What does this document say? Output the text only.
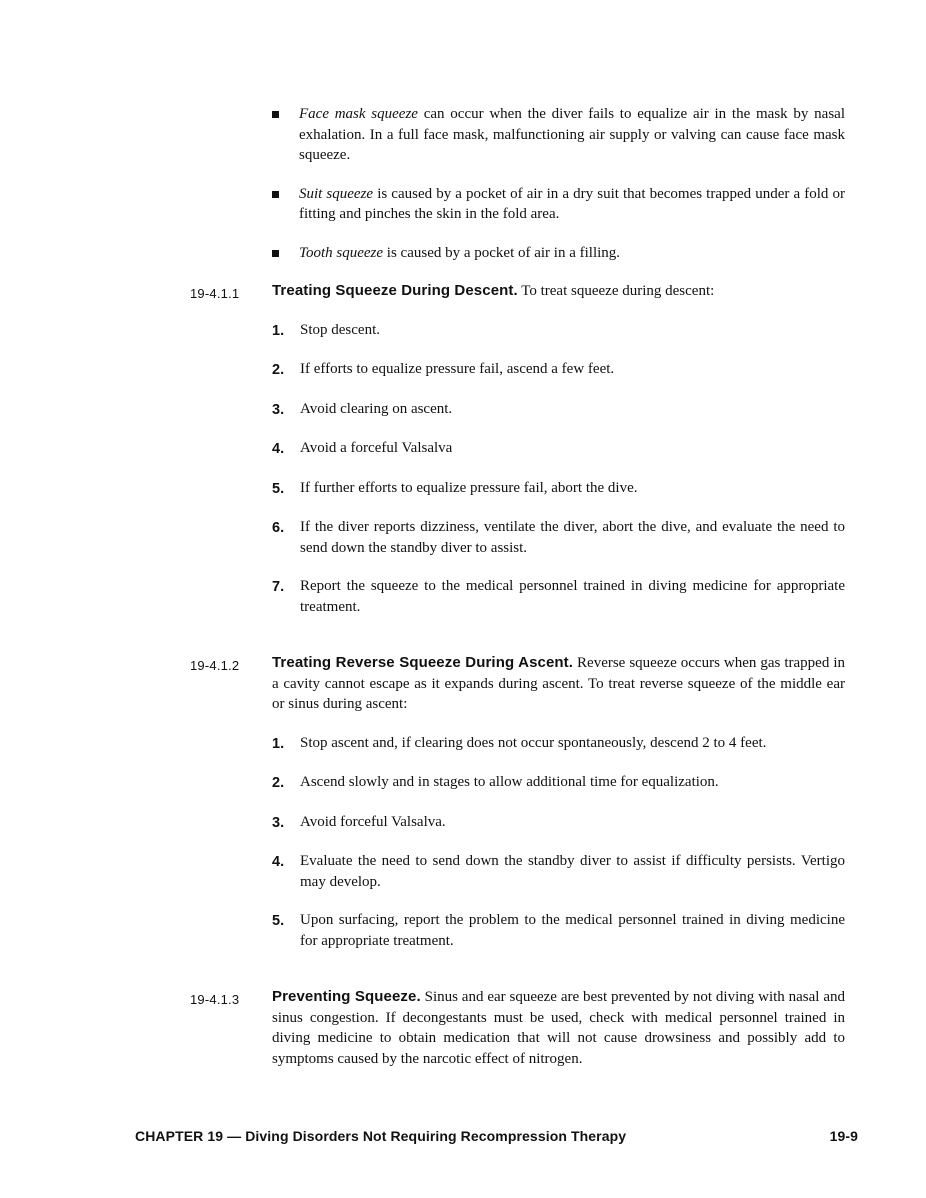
Face mask squeeze can occur when the diver fails to equalize air in the mask by nasal exhalation. In a full face mask, malfunctioning air supply or valving can cause face mask squeeze.

Suit squeeze is caused by a pocket of air in a dry suit that becomes trapped under a fold or fitting and pinches the skin in the fold area.

Tooth squeeze is caused by a pocket of air in a filling.

19-4.1.1	Treating Squeeze During Descent. To treat squeeze during descent:

1.	Stop descent.

2.	If efforts to equalize pressure fail, ascend a few feet.

3.	Avoid clearing on ascent.

4.	Avoid a forceful Valsalva

5.	If further efforts to equalize pressure fail, abort the dive.

6.	If the diver reports dizziness, ventilate the diver, abort the dive, and evaluate the need to send down the standby diver to assist.

7.	Report the squeeze to the medical personnel trained in diving medicine for appropriate treatment.

19-4.1.2	Treating Reverse Squeeze During Ascent. Reverse squeeze occurs when gas trapped in a cavity cannot escape as it expands during ascent. To treat reverse squeeze of the middle ear or sinus during ascent:

1.	Stop ascent and, if clearing does not occur spontaneously, descend 2 to 4 feet.

2.	Ascend slowly and in stages to allow additional time for equalization.

3.	Avoid forceful Valsalva.

4.	Evaluate the need to send down the standby diver to assist if difficulty persists. Vertigo may develop.

5.	Upon surfacing, report the problem to the medical personnel trained in diving medicine for appropriate treatment.

19-4.1.3	Preventing Squeeze. Sinus and ear squeeze are best prevented by not diving with nasal and sinus congestion. If decongestants must be used, check with medical personnel trained in diving medicine to obtain medication that will not cause drowsiness and possibly add to symptoms caused by the narcotic effect of nitrogen.

CHAPTER 19 — Diving Disorders Not Requiring Recompression Therapy	19-9
